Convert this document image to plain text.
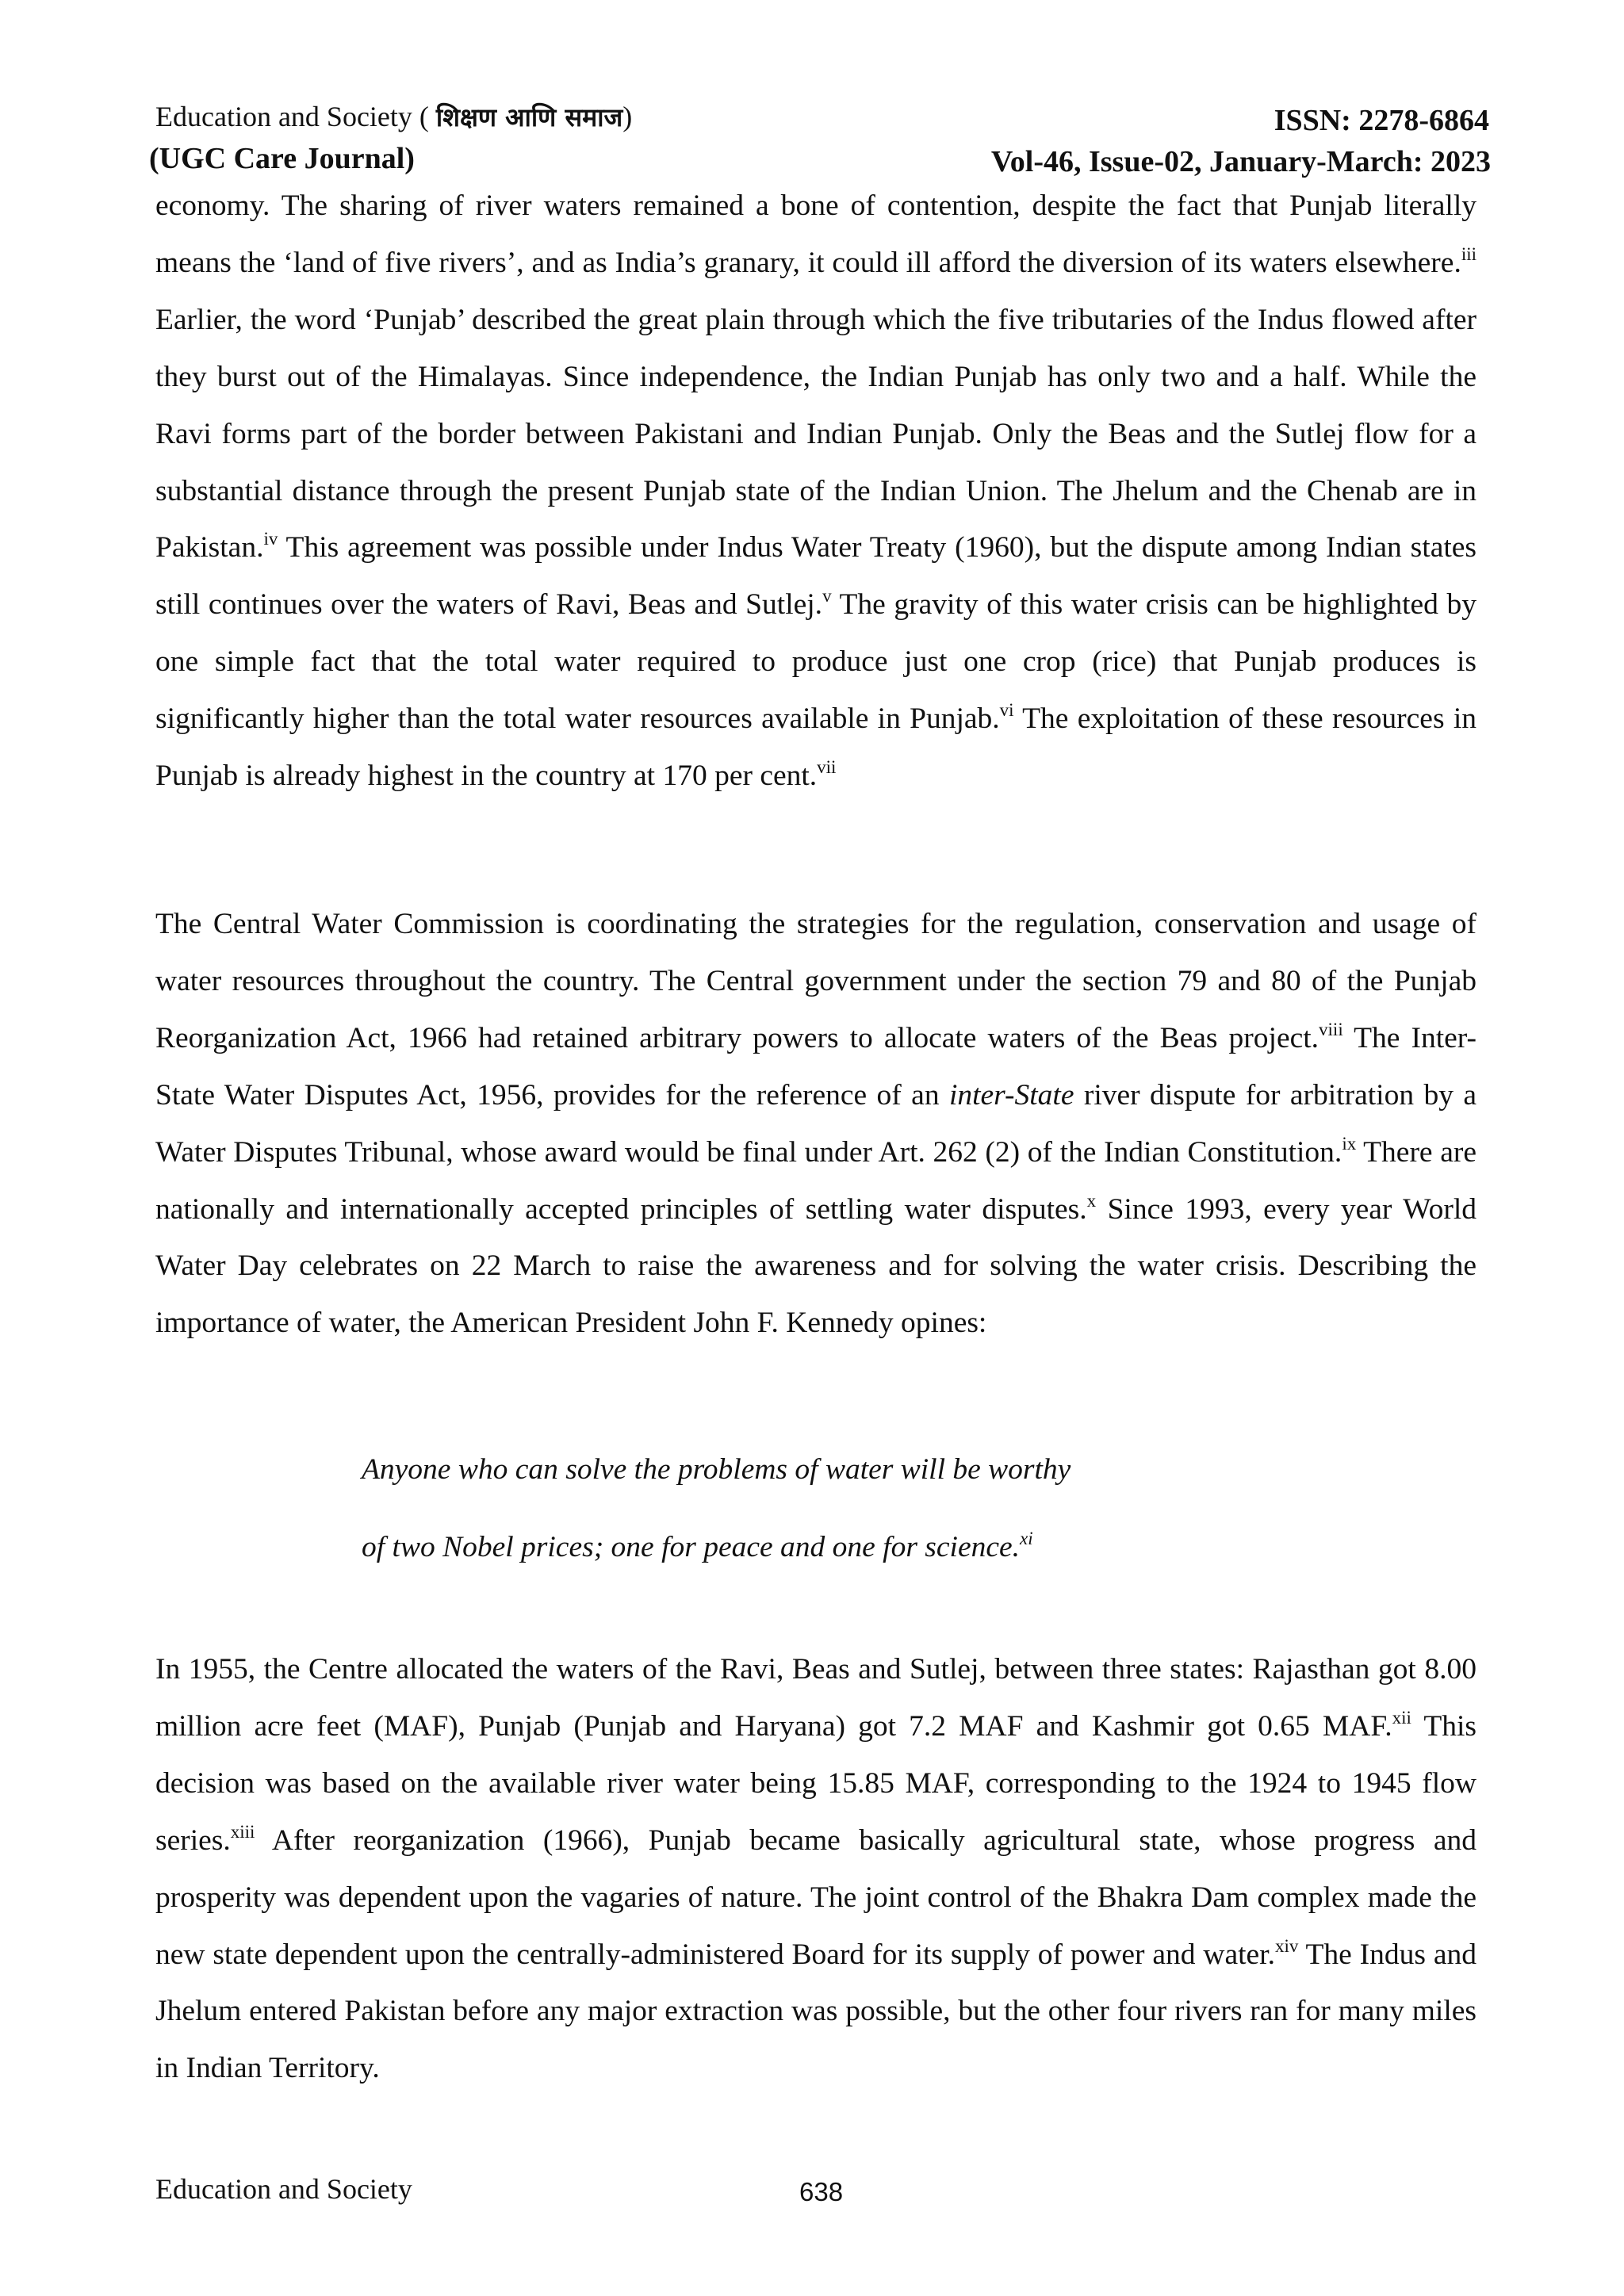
Education and Society ( शिक्षण आणि समाज)
(UGC Care Journal)
ISSN: 2278-6864
Vol-46, Issue-02, January-March: 2023

economy. The sharing of river waters remained a bone of contention, despite the fact that Punjab literally means the ‘land of five rivers’, and as India’s granary, it could ill afford the diversion of its waters elsewhere.$^{iii}$ Earlier, the word ‘Punjab’ described the great plain through which the five tributaries of the Indus flowed after they burst out of the Himalayas. Since independence, the Indian Punjab has only two and a half. While the Ravi forms part of the border between Pakistani and Indian Punjab. Only the Beas and the Sutlej flow for a substantial distance through the present Punjab state of the Indian Union. The Jhelum and the Chenab are in Pakistan.$^{iv}$ This agreement was possible under Indus Water Treaty (1960), but the dispute among Indian states still continues over the waters of Ravi, Beas and Sutlej.$^v$ The gravity of this water crisis can be highlighted by one simple fact that the total water required to produce just one crop (rice) that Punjab produces is significantly higher than the total water resources available in Punjab.$^{vi}$ The exploitation of these resources in Punjab is already highest in the country at 170 per cent.$^{vii}$

The Central Water Commission is coordinating the strategies for the regulation, conservation and usage of water resources throughout the country. The Central government under the section 79 and 80 of the Punjab Reorganization Act, 1966 had retained arbitrary powers to allocate waters of the Beas project.$^{viii}$ The Inter-State Water Disputes Act, 1956, provides for the reference of an inter-State river dispute for arbitration by a Water Disputes Tribunal, whose award would be final under Art. 262 (2) of the Indian Constitution.$^{ix}$ There are nationally and internationally accepted principles of settling water disputes.$^x$ Since 1993, every year World Water Day celebrates on 22 March to raise the awareness and for solving the water crisis. Describing the importance of water, the American President John F. Kennedy opines:

Anyone who can solve the problems of water will be worthy

of two Nobel prices; one for peace and one for science.$^{xi}$

In 1955, the Centre allocated the waters of the Ravi, Beas and Sutlej, between three states: Rajasthan got 8.00 million acre feet (MAF), Punjab (Punjab and Haryana) got 7.2 MAF and Kashmir got 0.65 MAF.$^{xii}$ This decision was based on the available river water being 15.85 MAF, corresponding to the 1924 to 1945 flow series.$^{xiii}$ After reorganization (1966), Punjab became basically agricultural state, whose progress and prosperity was dependent upon the vagaries of nature. The joint control of the Bhakra Dam complex made the new state dependent upon the centrally-administered Board for its supply of power and water.$^{xiv}$ The Indus and Jhelum entered Pakistan before any major extraction was possible, but the other four rivers ran for many miles in Indian Territory.

Education and Society	638
